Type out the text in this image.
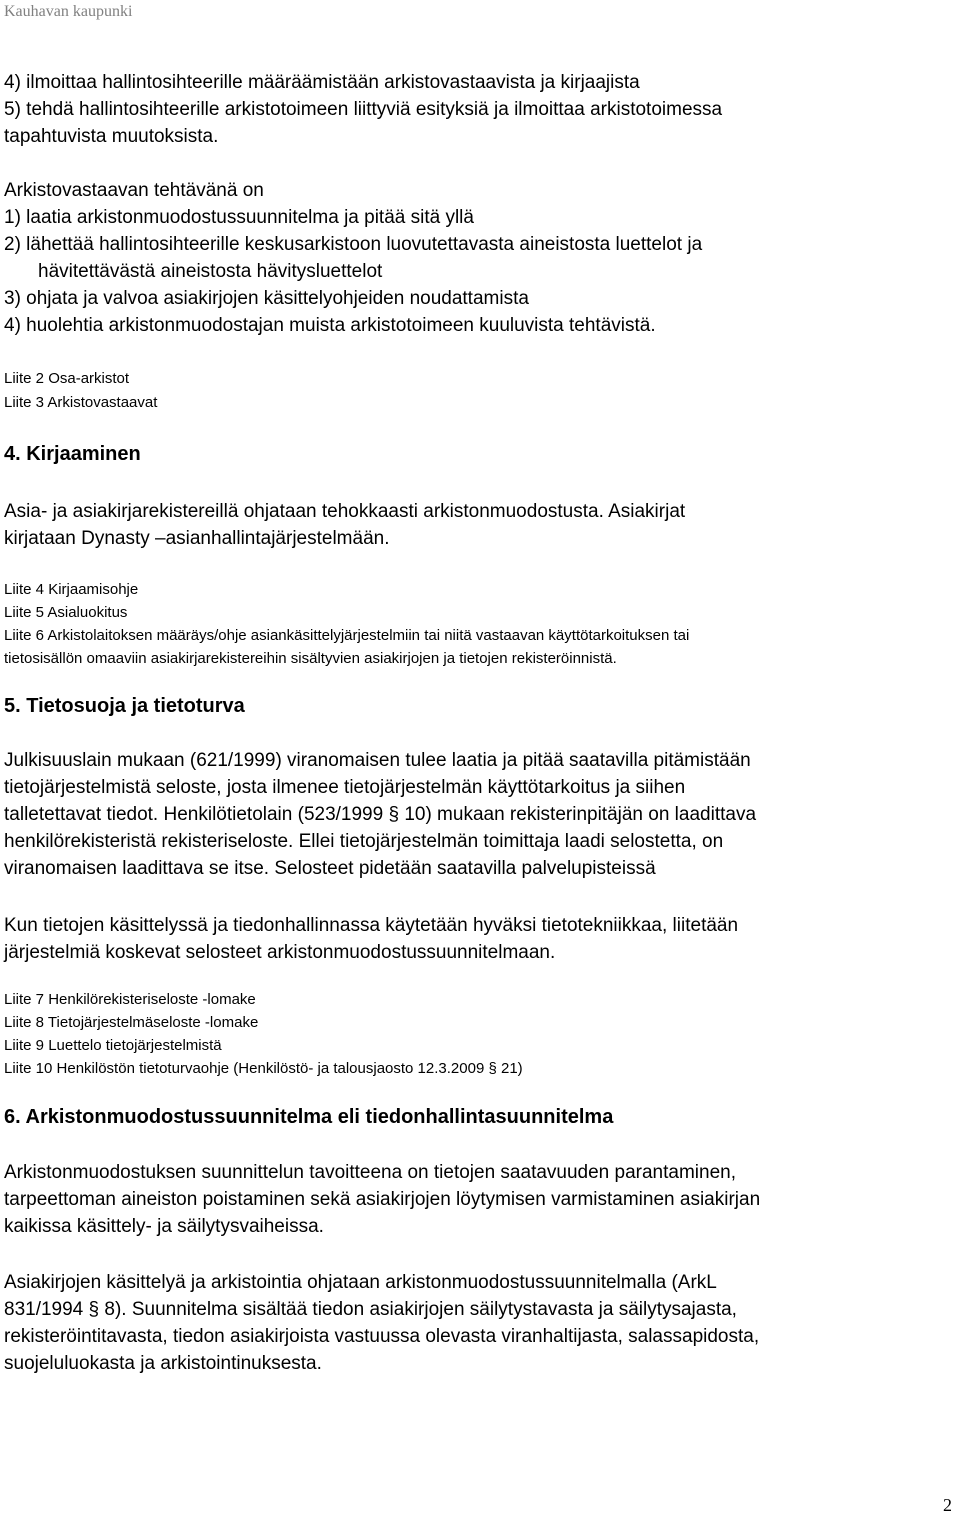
Kauhavan kaupunki
4) ilmoittaa hallintosihteerille määräämistään arkistovastaavista ja kirjaajista
5) tehdä hallintosihteerille arkistotoimeen liittyviä esityksiä ja ilmoittaa arkistotoimessa
tapahtuvista muutoksista.
Arkistovastaavan tehtävänä on
1) laatia arkistonmuodostussuunnitelma ja pitää sitä yllä
2) lähettää hallintosihteerille keskusarkistoon luovutettavasta aineistosta luettelot ja
hävitettävästä aineistosta hävitysluettelot
3) ohjata ja valvoa asiakirjojen käsittelyohjeiden noudattamista
4) huolehtia arkistonmuodostajan muista arkistotoimeen kuuluvista tehtävistä.
Liite 2 Osa-arkistot
Liite 3 Arkistovastaavat
4. Kirjaaminen
Asia- ja asiakirjarekistereillä ohjataan tehokkaasti arkistonmuodostusta. Asiakirjat
kirjataan Dynasty –asianhallintajärjestelmään.
Liite 4 Kirjaamisohje
Liite 5 Asialuokitus
Liite 6 Arkistolaitoksen määräys/ohje asiankäsittelyjärjestelmiin tai niitä vastaavan käyttötarkoituksen tai
tietosisällön omaaviin asiakirjarekistereihin sisältyvien asiakirjojen ja tietojen rekisteröinnistä.
5. Tietosuoja ja tietoturva
Julkisuuslain mukaan (621/1999) viranomaisen tulee laatia ja pitää saatavilla pitämistään
tietojärjestelmistä seloste, josta ilmenee tietojärjestelmän käyttötarkoitus ja siihen
talletettavat tiedot. Henkilötietolain (523/1999 § 10) mukaan rekisterinpitäjän on laadittava
henkilörekisteristä rekisteriseloste. Ellei tietojärjestelmän toimittaja laadi selostetta, on
viranomaisen laadittava se itse. Selosteet pidetään saatavilla palvelupisteissä
Kun tietojen käsittelyssä ja tiedonhallinnassa käytetään hyväksi tietotekniikkaa, liitetään
järjestelmiä koskevat selosteet arkistonmuodostussuunnitelmaan.
Liite 7 Henkilörekisteriseloste -lomake
Liite 8 Tietojärjestelmäseloste -lomake
Liite 9 Luettelo tietojärjestelmistä
Liite 10 Henkilöstön tietoturvaohje (Henkilöstö- ja talousjaosto 12.3.2009 § 21)
6. Arkistonmuodostussuunnitelma eli tiedonhallintasuunnitelma
Arkistonmuodostuksen suunnittelun tavoitteena on tietojen saatavuuden parantaminen,
tarpeettoman aineiston poistaminen sekä asiakirjojen löytymisen varmistaminen asiakirjan
kaikissa käsittely- ja säilytysvaiheissa.
Asiakirjojen käsittelyä ja arkistointia ohjataan arkistonmuodostussuunnitelmalla (ArkL
831/1994 § 8). Suunnitelma sisältää tiedon asiakirjojen säilytystavasta ja säilytysajasta,
rekisteröintitavasta, tiedon asiakirjoista vastuussa olevasta viranhaltijasta, salassapidosta,
suojeluluokasta ja arkistointinuksesta.
2
